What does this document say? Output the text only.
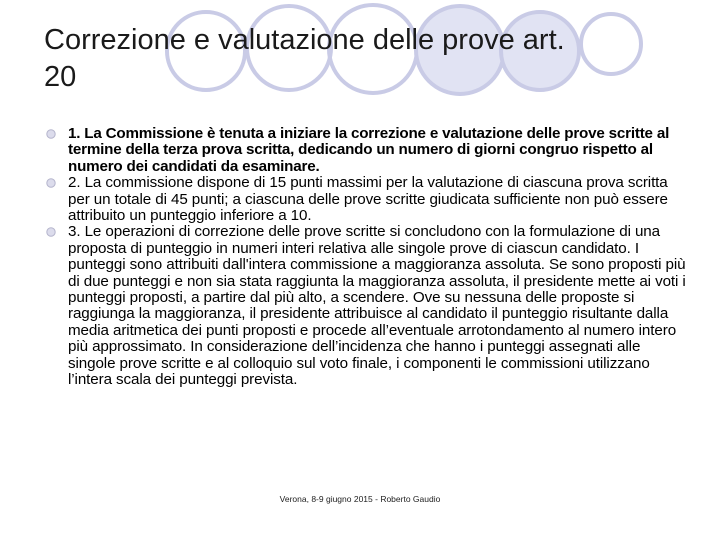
Correzione e valutazione delle prove art.
20
1. La Commissione è tenuta a iniziare la correzione e valutazione delle prove scritte al termine della terza prova scritta, dedicando un numero di giorni congruo rispetto al numero dei candidati da esaminare.
2. La commissione dispone di 15 punti massimi per la valutazione di ciascuna prova scritta per un totale di 45 punti; a ciascuna delle prove scritte giudicata sufficiente non può essere attribuito un punteggio inferiore a 10.
3. Le operazioni di correzione delle prove scritte si concludono con la formulazione di una proposta di punteggio in numeri interi relativa alle singole prove di ciascun candidato. I punteggi sono attribuiti dall'intera commissione a maggioranza assoluta. Se sono proposti più di due punteggi e non sia stata raggiunta la maggioranza assoluta, il presidente mette ai voti i punteggi proposti, a partire dal più alto, a scendere. Ove su nessuna delle proposte si raggiunga la maggioranza, il presidente attribuisce al candidato il punteggio risultante dalla media aritmetica dei punti proposti e procede all’eventuale arrotondamento al numero intero più approssimato. In considerazione dell’incidenza che hanno i punteggi assegnati alle singole prove scritte e al colloquio sul voto finale, i componenti le commissioni utilizzano l’intera scala dei punteggi prevista.
Verona, 8-9 giugno 2015 - Roberto Gaudio
